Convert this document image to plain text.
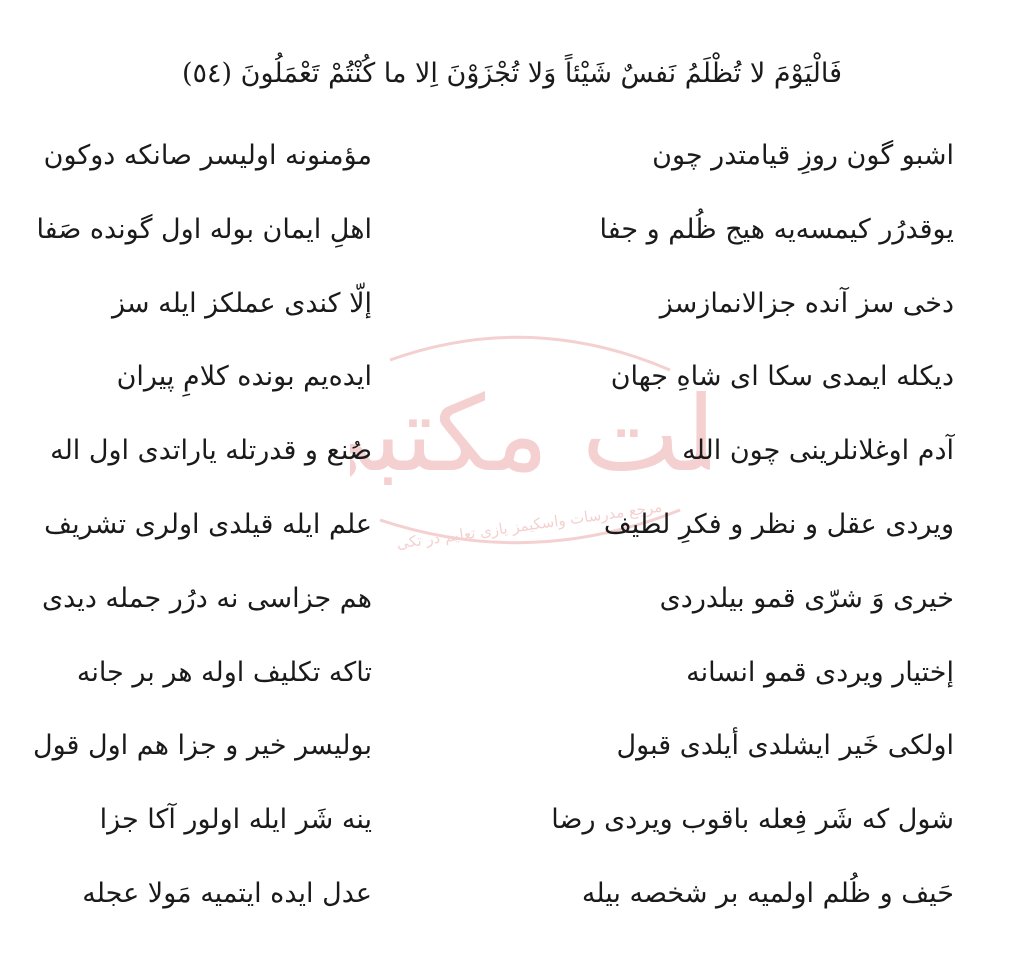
لت مکتب
مرجع مدرسات واسکیمز یازی تعلیم در تکی
فَالْيَوْمَ لا تُظْلَمُ نَفسٌ شَيْئاً وَلا تُجْزَوْنَ اِلا ما كُنْتُمْ تَعْمَلُونَ (٥٤)
اشبو گون روزِ قیامتدر چون
مؤمنونه اولیسر صانکه دوکون
یوقدرُر کیمسه‌یه هیج ظُلم و جفا
اهلِ ایمان بوله اول گونده صَفا
دخی سز آنده جزالانمازسز
إلّا کندی عملکز ایله سز
دیکله ایمدی سکا ای شاهِ جهان
ایده‌یم بونده کلامِ پیران
آدم اوغلانلرینی چون الله
صُنع و قدرتله یاراتدی اول اله
ویردی عقل و نظر و فکرِ لطیف
علم ایله قیلدی اولری تشریف
خیری وَ شرّی قمو بیلدردی
هم جزاسی نه درُر جمله دیدی
إختیار ویردی قمو انسانه
تاکه تکلیف اوله هر بر جانه
اولکی خَیر ایشلدی أیلدی قبول
بولیسر خیر و جزا هم اول قول
شول که شَر فِعله باقوب ویردی رضا
ینه شَر ایله اولور آکا جزا
حَیف و ظُلم اولمیه بر شخصه بیله
عدل ایده ایتمیه مَولا عجله
